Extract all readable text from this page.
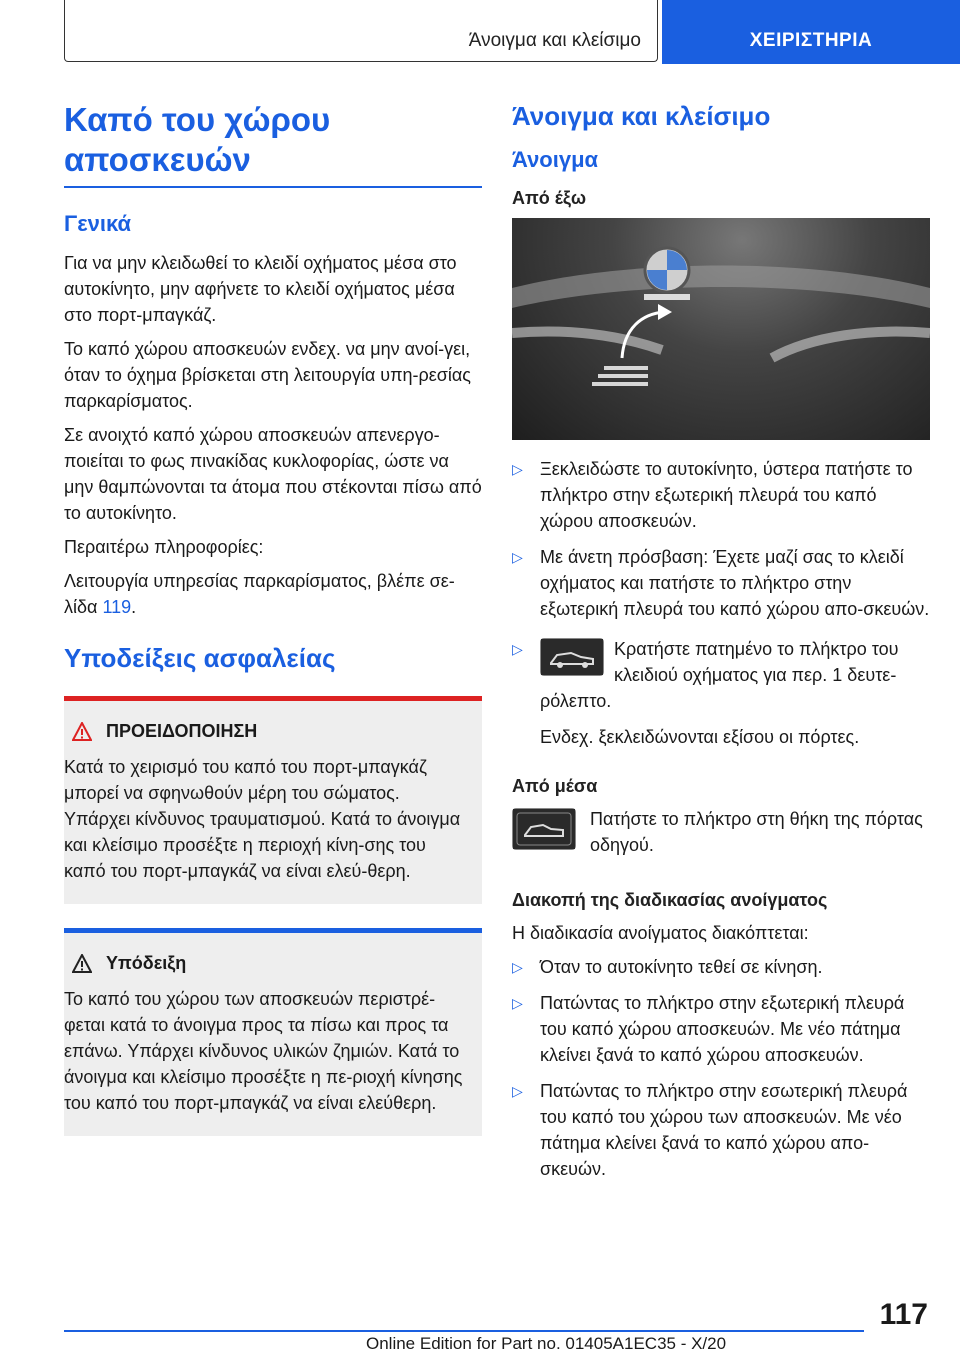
Άνοιγμα και κλείσιμο	ΧΕΙΡΙΣΤΗΡΙΑ
Καπό του χώρου
αποσκευών
Γενικά

Για να μην κλειδωθεί το κλειδί οχήματος μέσα στο αυτοκίνητο, μην αφήνετε το κλειδί οχήματος μέσα στο πορτ-μπαγκάζ.

Το καπό χώρου αποσκευών ενδεχ. να μην ανοί-γει, όταν το όχημα βρίσκεται στη λειτουργία υπη-ρεσίας παρκαρίσματος.

Σε ανοιχτό καπό χώρου αποσκευών απενεργο-ποιείται το φως πινακίδας κυκλοφορίας, ώστε να μην θαμπώνονται τα άτομα που στέκονται πίσω από το αυτοκίνητο.

Περαιτέρω πληροφορίες:

Λειτουργία υπηρεσίας παρκαρίσματος, βλέπε σε-λίδα 119.

Υποδείξεις ασφαλείας
ΠΡΟΕΙΔΟΠΟΙΗΣΗ

Κατά το χειρισμό του καπό του πορτ-μπαγκάζ μπορεί να σφηνωθούν μέρη του σώματος. Υπάρχει κίνδυνος τραυματισμού. Κατά το άνοιγμα και κλείσιμο προσέξτε η περιοχή κίνη-σης του καπό του πορτ-μπαγκάζ να είναι ελεύ-θερη.

Υπόδειξη

Το καπό του χώρου των αποσκευών περιστρέ-φεται κατά το άνοιγμα προς τα πίσω και προς τα επάνω. Υπάρχει κίνδυνος υλικών ζημιών. Κατά το άνοιγμα και κλείσιμο προσέξτε η πε-ριοχή κίνησης του καπό του πορτ-μπαγκάζ να είναι ελεύθερη.

Άνοιγμα και κλείσιμο
Άνοιγμα
Από έξω
▷ Ξεκλειδώστε το αυτοκίνητο, ύστερα πατήστε το πλήκτρο στην εξωτερική πλευρά του καπό χώρου αποσκευών.
▷ Με άνετη πρόσβαση: Έχετε μαζί σας το κλειδί οχήματος και πατήστε το πλήκτρο στην εξωτερική πλευρά του καπό χώρου απο-σκευών.
▷	Κρατήστε πατημένο το πλήκτρο του κλειδιού οχήματος για περ. 1 δευτε-ρόλεπτο.

Ενδεχ. ξεκλειδώνονται εξίσου οι πόρτες.

Από μέσα

Πατήστε το πλήκτρο στη θήκη της πόρτας οδηγού.

Διακοπή της διαδικασίας ανοίγματος

Η διαδικασία ανοίγματος διακόπτεται:

▷ Όταν το αυτοκίνητο τεθεί σε κίνηση.
▷ Πατώντας το πλήκτρο στην εξωτερική πλευρά του καπό χώρου αποσκευών. Με νέο πάτημα κλείνει ξανά το καπό χώρου αποσκευών.
▷ Πατώντας το πλήκτρο στην εσωτερική πλευρά του καπό του χώρου των αποσκευών. Με νέο πάτημα κλείνει ξανά το καπό χώρου απο-σκευών.
117
Online Edition for Part no. 01405A1EC35 - X/20
